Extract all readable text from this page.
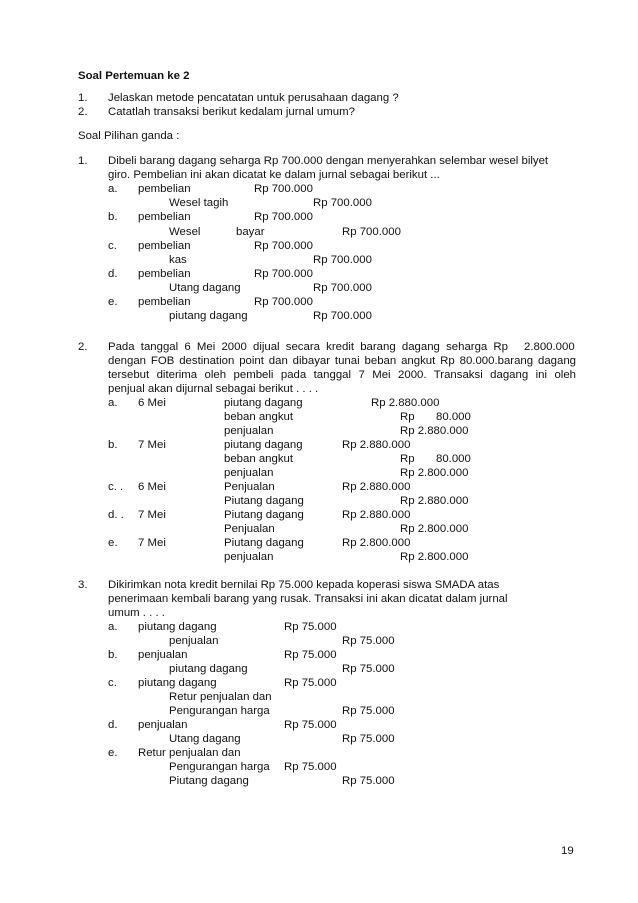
Soal Pertemuan ke 2
1. Jelaskan metode pencatatan untuk perusahaan dagang ?
2. Catatlah transaksi berikut kedalam jurnal umum?
Soal Pilihan ganda :
1. Dibeli barang dagang seharga Rp 700.000 dengan menyerahkan selembar wesel bilyet
giro. Pembelian ini akan dicatat ke dalam jurnal sebagai berikut ...
a. pembelian	Rp 700.000
Wesel tagih	Rp 700.000
b. pembelian	Rp 700.000
Wesel	bayar	Rp 700.000
c. pembelian	Rp 700.000
kas	Rp 700.000
d. pembelian	Rp 700.000
Utang dagang	Rp 700.000
e. pembelian	Rp 700.000
piutang dagang	Rp 700.000
2. Pada tanggal 6 Mei 2000 dijual secara kredit barang dagang seharga Rp 2.800.000
dengan FOB destination point dan dibayar tunai beban angkut Rp 80.000.barang dagang
tersebut diterima oleh pembeli pada tanggal 7 Mei 2000. Transaksi dagang ini oleh
penjual akan dijurnal sebagai berikut . . . .
a. 6 Mei	piutang dagang	Rp 2.880.000
beban angkut	Rp 80.000
penjualan	Rp 2.880.000
b. 7 Mei	piutang dagang	Rp 2.880.000
beban angkut	Rp 80.000
penjualan	Rp 2.800.000
c. . 6 Mei	Penjualan	Rp 2.880.000
Piutang dagang	Rp 2.880.000
d. . 7 Mei	Piutang dagang	Rp 2.880.000
Penjualan	Rp 2.800.000
e. 7 Mei	Piutang dagang	Rp 2.800.000
penjualan	Rp 2.800.000
3. Dikirimkan nota kredit bernilai Rp 75.000 kepada koperasi siswa SMADA atas
penerimaan kembali barang yang rusak. Transaksi ini akan dicatat dalam jurnal
umum . . . .
a. piutang dagang	Rp 75.000
penjualan	Rp 75.000
b. penjualan	Rp 75.000
piutang dagang	Rp 75.000
c. piutang dagang	Rp 75.000
Retur penjualan dan
Pengurangan harga	Rp 75.000
d. penjualan	Rp 75.000
Utang dagang	Rp 75.000
e. Retur penjualan dan
Pengurangan harga Rp 75.000
Piutang dagang	Rp 75.000
19
